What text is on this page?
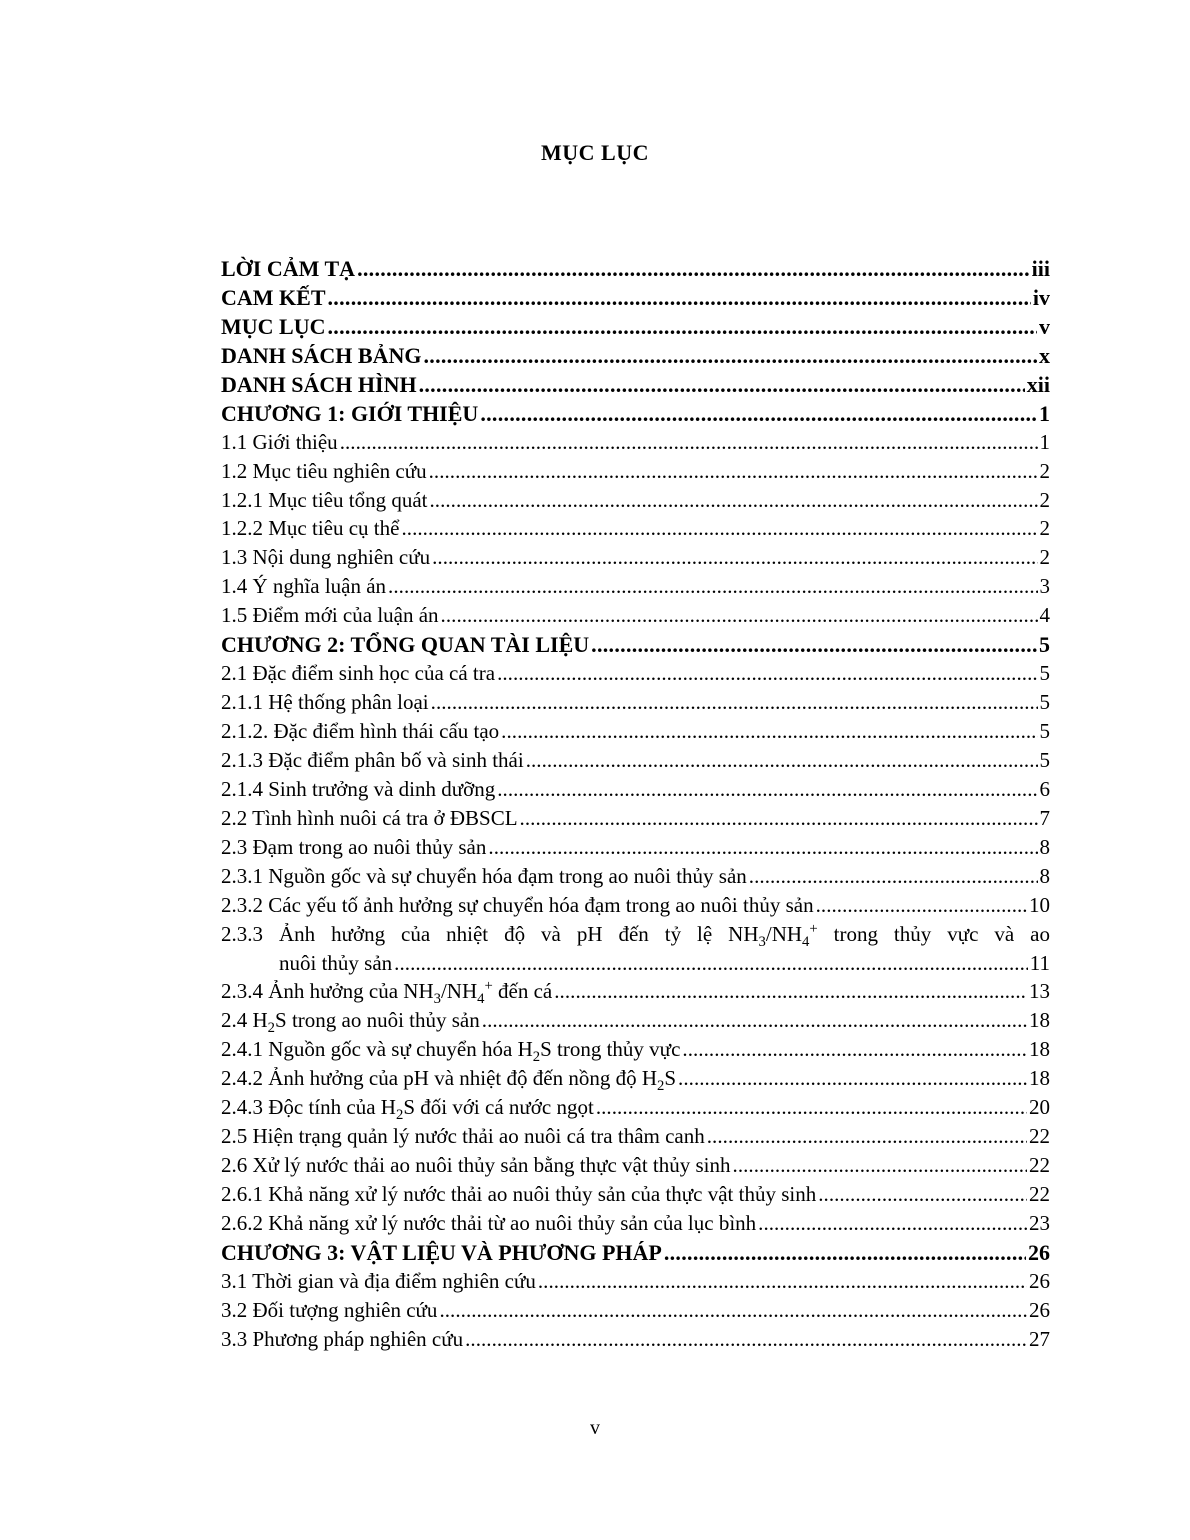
MỤC LỤC
LỜI CẢM TẠ . . .	iii
CAM KẾT . . .	iv
MỤC LỤC . . .	v
DANH SÁCH BẢNG . . .	x
DANH SÁCH HÌNH . . .	xii
CHƯƠNG 1: GIỚI THIỆU . . .	1
1.1 Giới thiệu . . .	1
1.2 Mục tiêu nghiên cứu . . .	2
1.2.1 Mục tiêu tổng quát . . .	2
1.2.2 Mục tiêu cụ thể . . .	2
1.3 Nội dung nghiên cứu . . .	2
1.4 Ý nghĩa luận án . . .	3
1.5 Điểm mới của luận án . . .	4
CHƯƠNG 2: TỔNG QUAN TÀI LIỆU . . .	5
2.1 Đặc điểm sinh học của cá tra . . .	5
2.1.1 Hệ thống phân loại . . .	5
2.1.2. Đặc điểm hình thái cấu tạo . . .	5
2.1.3 Đặc điểm phân bố và sinh thái . . .	5
2.1.4 Sinh trưởng và dinh dưỡng . . .	6
2.2 Tình hình nuôi cá tra ở ĐBSCL . . .	7
2.3 Đạm trong ao nuôi thủy sản . . .	8
2.3.1 Nguồn gốc và sự chuyển hóa đạm trong ao nuôi thủy sản . . .	8
2.3.2 Các yếu tố ảnh hưởng sự chuyển hóa đạm trong ao nuôi thủy sản . . .	10
2.3.3 Ảnh hưởng của nhiệt độ và pH đến tỷ lệ $NH_3/NH_4^+$ trong thủy vực và ao
nuôi thủy sản . . .	11
2.3.4 Ảnh hưởng của $NH_3/NH_4^+$ đến cá . . .	13
2.4 $H_2S$ trong ao nuôi thủy sản . . .	18
2.4.1 Nguồn gốc và sự chuyển hóa $H_2S$ trong thủy vực . . .	18
2.4.2 Ảnh hưởng của pH và nhiệt độ đến nồng độ $H_2S$ . . .	18
2.4.3 Độc tính của $H_2S$ đối với cá nước ngọt . . .	20
2.5 Hiện trạng quản lý nước thải ao nuôi cá tra thâm canh . . .	22
2.6 Xử lý nước thải ao nuôi thủy sản bằng thực vật thủy sinh . . .	22
2.6.1 Khả năng xử lý nước thải ao nuôi thủy sản của thực vật thủy sinh . . .	22
2.6.2 Khả năng xử lý nước thải từ ao nuôi thủy sản của lục bình . . .	23
CHƯƠNG 3: VẬT LIỆU VÀ PHƯƠNG PHÁP . . .	26
3.1 Thời gian và địa điểm nghiên cứu . . .	26
3.2 Đối tượng nghiên cứu . . .	26
3.3 Phương pháp nghiên cứu . . .	27
v
